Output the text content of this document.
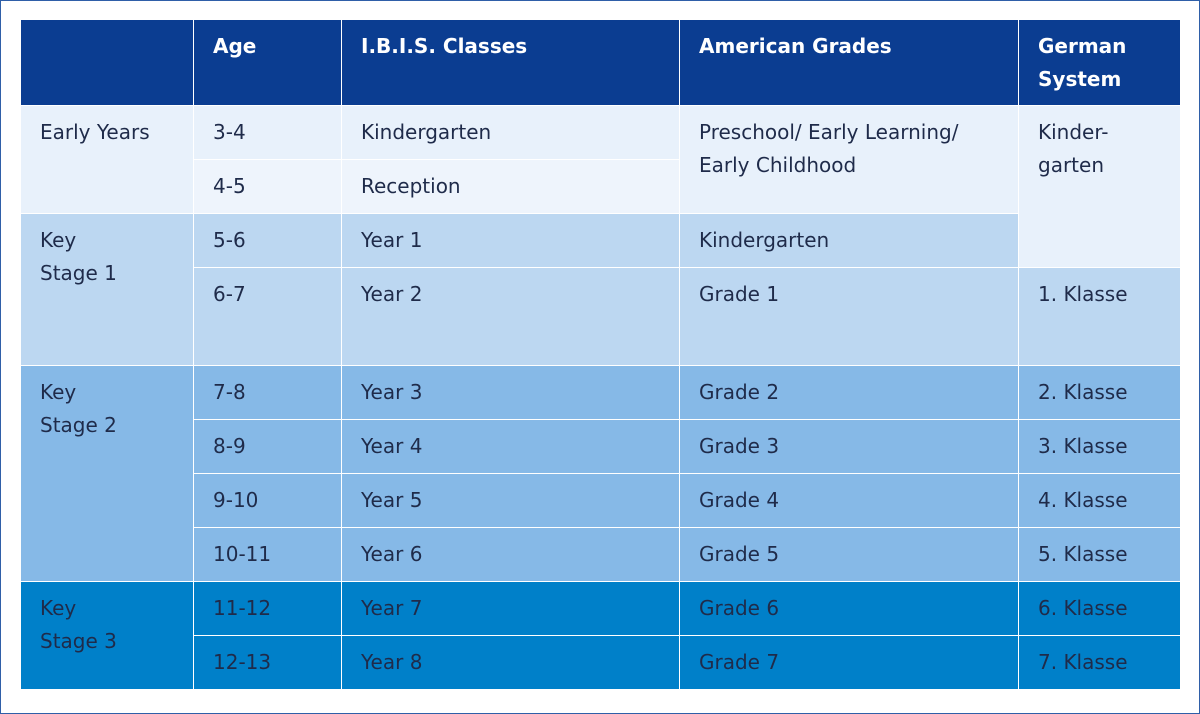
	Age	I.B.I.S. Classes	American Grades	German System
Early Years	3-4	Kindergarten	Preschool/ Early Learning/ Early Childhood	Kinder-garten
	4-5	Reception		
Key Stage 1	5-6	Year 1	Kindergarten	
	6-7	Year 2	Grade 1	1. Klasse
Key Stage 2	7-8	Year 3	Grade 2	2. Klasse
	8-9	Year 4	Grade 3	3. Klasse
	9-10	Year 5	Grade 4	4. Klasse
	10-11	Year 6	Grade 5	5. Klasse
Key Stage 3	11-12	Year 7	Grade 6	6. Klasse
	12-13	Year 8	Grade 7	7. Klasse
